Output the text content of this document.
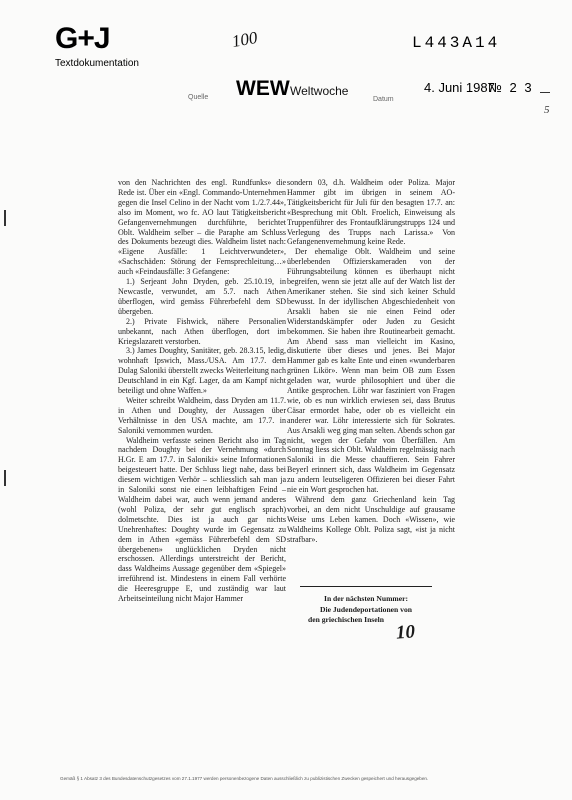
G+J
Textdokumentation
100	L443A14
Quelle WEW Weltwoche
Datum
4. Juni 1987
№ 2 3
5

von den Nachrichten des engl. Rundfunks» die Rede ist. Über ein «Engl. Commando-Unternehmen gegen die Insel Celino in der Nacht vom 1./2.7.44», also im Moment, wo fc. AO laut Tätigkeitsbericht Gefangenvernehmungen durchführte, berichtet Oblt. Waldheim selber – die Paraphe am Schluss des Dokuments bezeugt dies. Waldheim listet nach: «Eigene Ausfälle: 1 Leichtverwundeter», «Sachschäden: Störung der Fernsprechleitung…» auch «Feindausfälle: 3 Gefangene:

1.) Serjeant John Dryden, geb. 25.10.19, in Newcastle, verwundet, am 5.7. nach Athen überflogen, wird gemäss Führerbefehl dem SD übergeben.

2.) Private Fishwick, nähere Personalien unbekannt, nach Athen überflogen, dort im Kriegslazarett verstorben.

3.) James Doughty, Sanitäter, geb. 28.3.15, ledig, wohnhaft Ipswich, Mass./USA. Am 17.7. dem Dulag Saloniki überstellt zwecks Weiterleitung nach Deutschland in ein Kgf. Lager, da am Kampf nicht beteiligt und ohne Waffen.»

Weiter schreibt Waldheim, dass Dryden am 11.7. in Athen und Doughty, der Aussagen über Verhältnisse in den USA machte, am 17.7. in Saloniki vernommen wurden.

Waldheim verfasste seinen Bericht also im Tag nachdem Doughty bei der Vernehmung «durch H.Gr. E am 17.7. in Saloniki» seine Informationen beigesteuert hatte. Der Schluss liegt nahe, dass bei diesem wichtigen Verhör – schliesslich sah man ja in Saloniki sonst nie einen leibhaftigen Feind – Waldheim dabei war, auch wenn jemand anderes (wohl Poliza, der sehr gut englisch sprach) dolmetschte. Dies ist ja auch gar nichts Unehrenhaftes: Doughty wurde im Gegensatz zu dem in Athen «gemäss Führerbefehl dem SD übergebenen» unglücklichen Dryden nicht erschossen. Allerdings unterstreicht der Bericht, dass Waldheims Aussage gegenüber dem «Spiegel» irreführend ist. Mindestens in einem Fall verhörte die Heeresgruppe E, und zuständig war laut Arbeitseinteilung nicht Major Hammer

sondern 03, d.h. Waldheim oder Poliza. Major Hammer gibt im übrigen in seinem AO-Tätigkeitsbericht für Juli für den besagten 17.7. an: «Besprechung mit Oblt. Froelich, Einweisung als Truppenführer des Frontaufklärungstrupps 124 und Verlegung des Trupps nach Larissa.» Von Gefangenenvernehmung keine Rede.

Der ehemalige Oblt. Waldheim und seine überlebenden Offizierskameraden von der Führungsabteilung können es überhaupt nicht begreifen, wenn sie jetzt alle auf der Watch list der Amerikaner stehen. Sie sind sich keiner Schuld bewusst. In der idyllischen Abgeschiedenheit von Arsakli haben sie nie einen Feind oder Widerstandskämpfer oder Juden zu Gesicht bekommen. Sie haben ihre Routinearbeit gemacht. Am Abend sass man vielleicht im Kasino, diskutierte über dieses und jenes. Bei Major Hammer gab es kalte Ente und einen «wunderbaren grünen Likör». Wenn man beim OB zum Essen geladen war, wurde philosophiert und über die Antike gesprochen. Löhr war fasziniert von Fragen wie, ob es nun wirklich erwiesen sei, dass Brutus Cäsar ermordet habe, oder ob es vielleicht ein anderer war. Löhr interessierte sich für Sokrates. Aus Arsakli weg ging man selten. Abends schon gar nicht, wegen der Gefahr von Überfällen. Am Sonntag liess sich Oblt. Waldheim regelmässig nach Saloniki in die Messe chauffieren. Sein Fahrer Beyerl erinnert sich, dass Waldheim im Gegensatz zu andern leutseligeren Offizieren bei dieser Fahrt nie ein Wort gesprochen hat.

Während dem ganz Griechenland kein Tag vorbei, an dem nicht Unschuldige auf grausame Weise ums Leben kamen. Doch «Wissen», wie Waldheims Kollege Oblt. Poliza sagt, «ist ja nicht strafbar».

In der nächsten Nummer:
Die Judendeportationen von
den griechischen Inseln
10
Gemäß § 1 Absatz 3 des Bundesdatenschutzgesetzes vom 27.1.1977 werden personenbezogene Daten ausschließlich zu publizistischen Zwecken gespeichert und herausgegeben.
